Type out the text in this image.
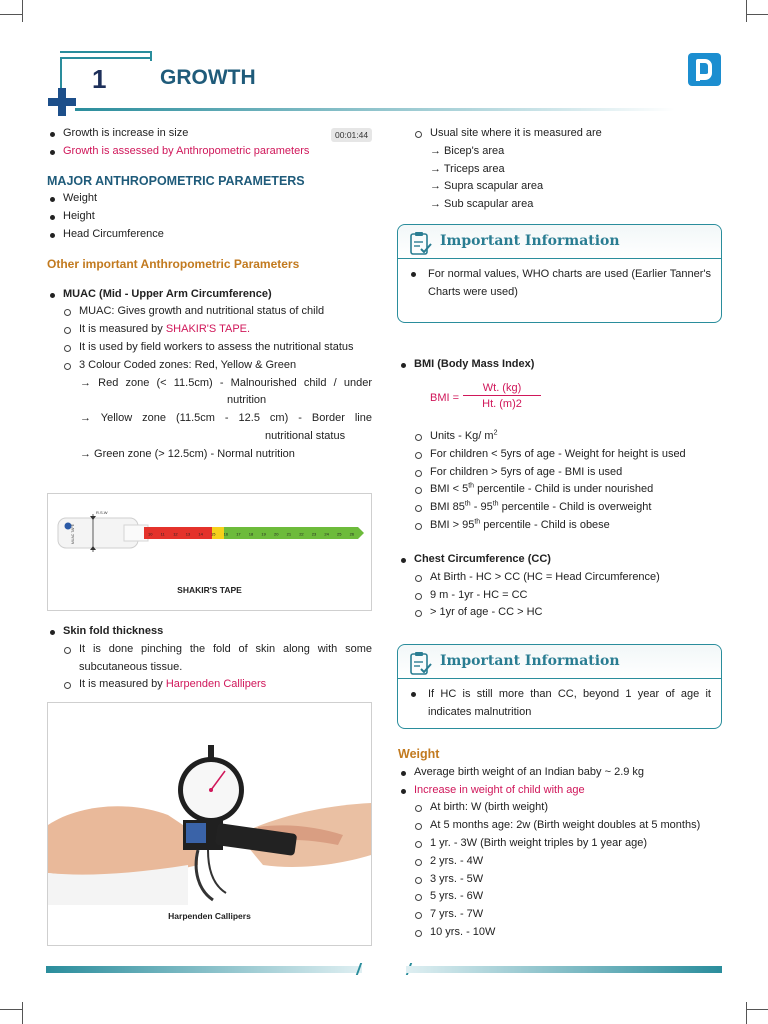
1	GROWTH
00:01:44
Growth is increase in size
Growth is assessed by Anthropometric parameters
MAJOR ANTHROPOMETRIC PARAMETERS
Weight
Height
Head Circumference
Other important Anthropometric Parameters
MUAC (Mid - Upper Arm Circumference)
MUAC: Gives growth and nutritional status of child
It is measured by SHAKIR'S TAPE.
It is used by field workers to assess the nutritional status
3 Colour Coded zones: Red, Yellow & Green
→ Red zone (< 11.5cm) - Malnourished child / under
nutrition
→ Yellow zone (11.5cm - 12.5 cm) - Border line
nutritional status
→ Green zone (> 12.5cm) - Normal nutrition
R.S.W
MUAC TAPE	10 11 12 13 14 15 16 17 18 19 20 21 22 23 24 25 26
SHAKIR'S TAPE
Skin fold thickness
It is done pinching the fold of skin along with some
subcutaneous tissue.
It is measured by Harpenden Callipers
Harpenden Callipers
Usual site where it is measured are
→ Bicep's area
→ Triceps area
→ Supra scapular area
→ Sub scapular area
Important Information
For normal values, WHO charts are used (Earlier Tanner's Charts were used)
BMI (Body Mass Index)
BMI = $\frac{Wt. (kg)}{Ht. (m)2}$
Units - Kg/ $m^2$
For children < 5yrs of age - Weight for height is used
For children > 5yrs of age - BMI is used
BMI < 5th percentile - Child is under nourished
BMI 85th - 95th percentile - Child is overweight
BMI > 95th percentile - Child is obese
Chest Circumference (CC)
At Birth - HC > CC (HC = Head Circumference)
9 m - 1yr - HC = CC
> 1yr of age - CC > HC
Important Information
If HC is still more than CC, beyond 1 year of age it indicates malnutrition
Weight
Average birth weight of an Indian baby ~ 2.9 kg
Increase in weight of child with age
At birth: W (birth weight)
At 5 months age: 2w (Birth weight doubles at 5 months)
1 yr. - 3W (Birth weight triples by 1 year age)
2 yrs. - 4W
3 yrs. - 5W
5 yrs. - 6W
7 yrs. - 7W
10 yrs. - 10W
